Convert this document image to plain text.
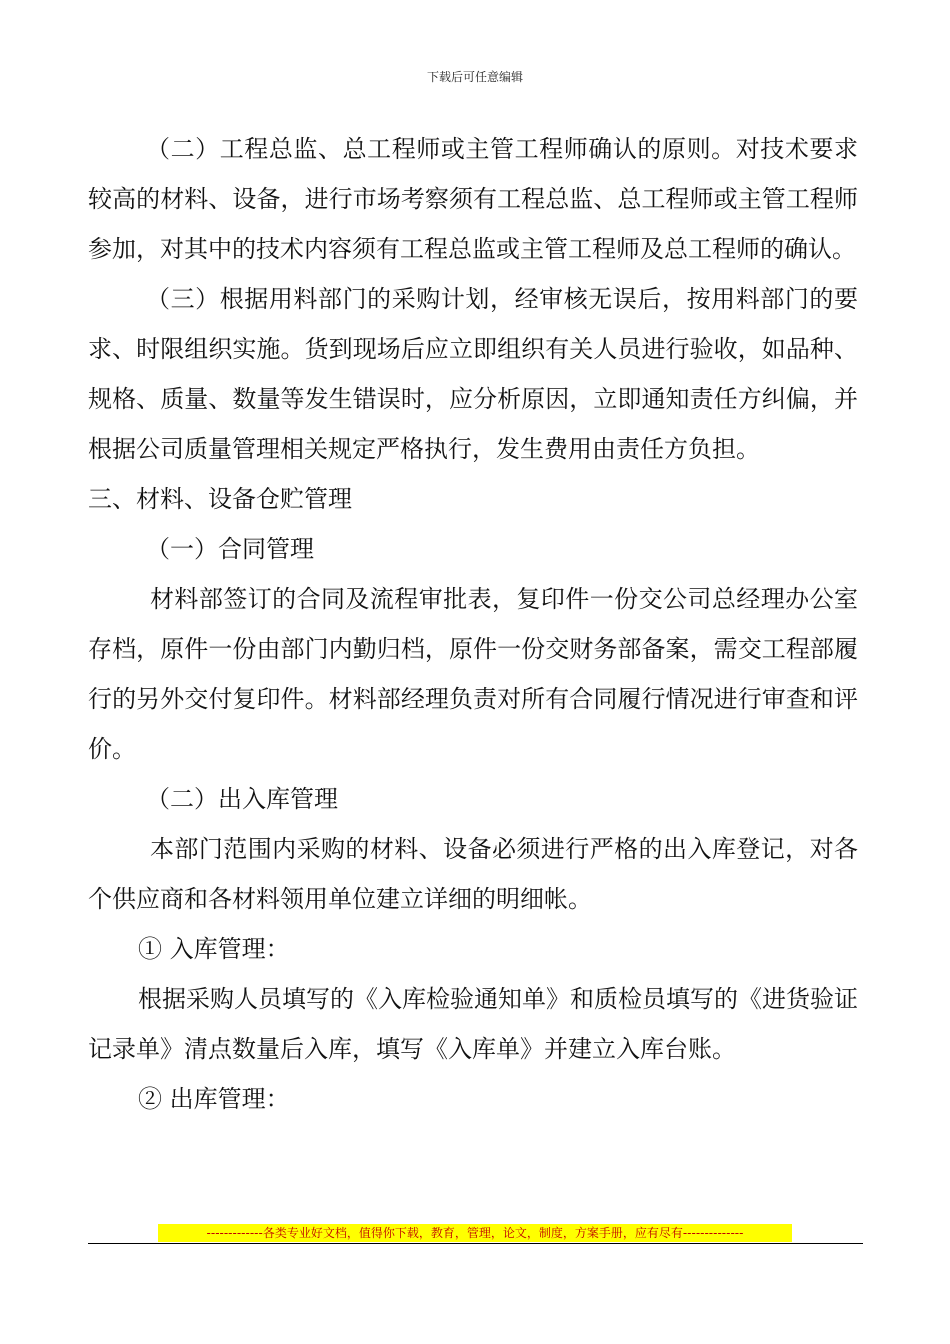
下载后可任意编辑

（二）工程总监、总工程师或主管工程师确认的原则。对技术要求较高的材料、设备，进行市场考察须有工程总监、总工程师或主管工程师参加，对其中的技术内容须有工程总监或主管工程师及总工程师的确认。

（三）根据用料部门的采购计划，经审核无误后，按用料部门的要求、时限组织实施。货到现场后应立即组织有关人员进行验收，如品种、规格、质量、数量等发生错误时，应分析原因，立即通知责任方纠偏，并根据公司质量管理相关规定严格执行，发生费用由责任方负担。

三、材料、设备仓贮管理

（一）合同管理

材料部签订的合同及流程审批表，复印件一份交公司总经理办公室存档，原件一份由部门内勤归档，原件一份交财务部备案，需交工程部履行的另外交付复印件。材料部经理负责对所有合同履行情况进行审查和评价。

（二）出入库管理

本部门范围内采购的材料、设备必须进行严格的出入库登记，对各个供应商和各材料领用单位建立详细的明细帐。

① 入库管理：

根据采购人员填写的《入库检验通知单》和质检员填写的《进货验证记录单》清点数量后入库，填写《入库单》并建立入库台账。

② 出库管理：

-------------各类专业好文档，值得你下载，教育，管理，论文，制度，方案手册，应有尽有--------------
